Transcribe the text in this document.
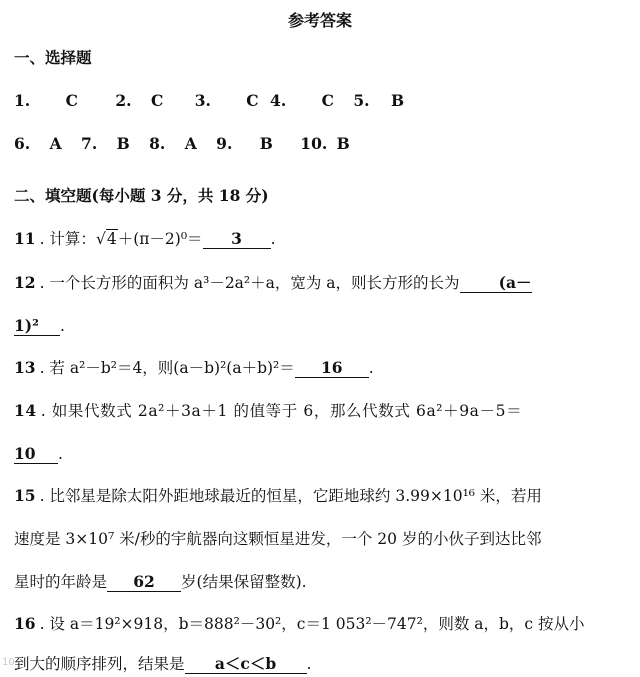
参考答案
一、选择题
1. C 2. C 3. C 4. C 5. B
6. A 7. B 8. A 9. B 10. B
二、填空题(每小题 3 分，共 18 分)
11 . 计算：√4＋(π－2)⁰＝ 3 .
12 . 一个长方形的面积为 a³－2a²＋a，宽为 a，则长方形的长为	(a－
1)² .
13 . 若 a²－b²＝4，则(a－b)²(a＋b)²＝ 16 .
14 . 如果代数式 2a²＋3a＋1 的值等于 6，那么代数式 6a²＋9a－5＝
10 .
15 . 比邻星是除太阳外距地球最近的恒星，它距地球约 3.99×10¹⁶ 米，若用
速度是 3×10⁷ 米/秒的宇航器向这颗恒星进发，一个 20 岁的小伙子到达比邻
星时的年龄是 62 岁(结果保留整数).
16 . 设 a＝19²×918，b＝888²－30²，c＝1 053²－747²，则数 a，b，c 按从小
到大的顺序排列，结果是 a＜c＜b .
10
